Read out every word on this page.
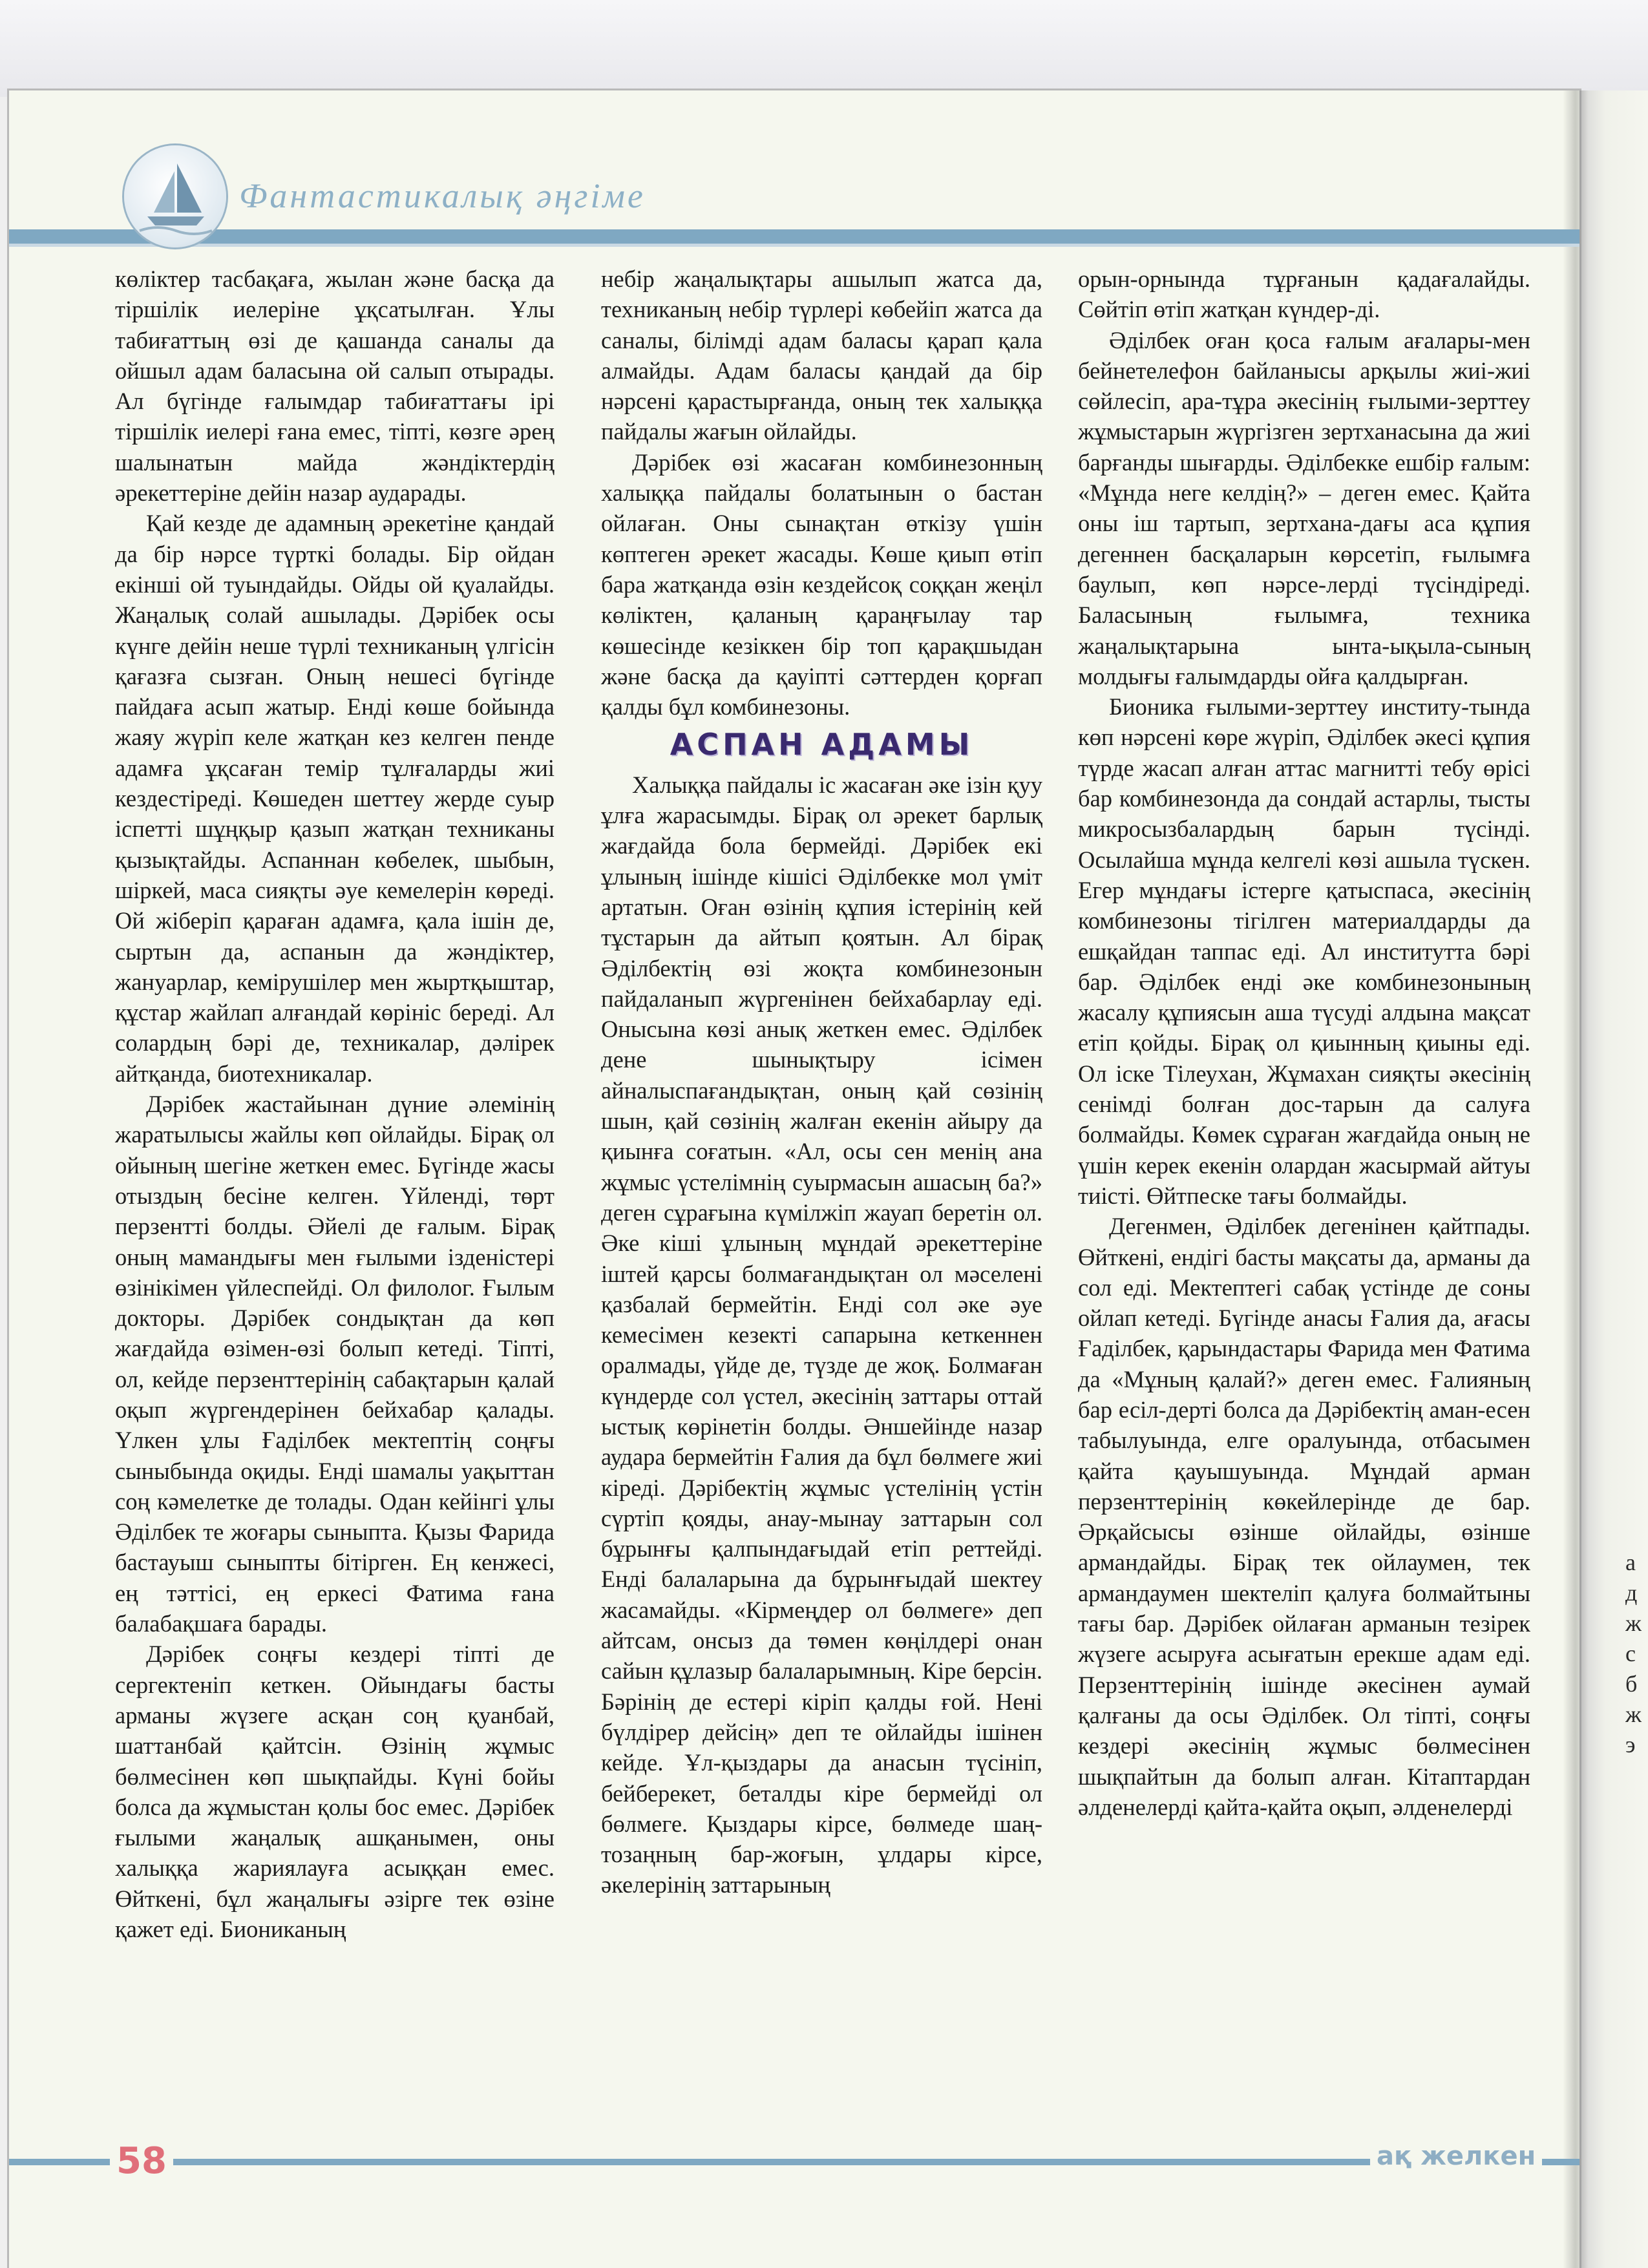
Фантастикалық әңгіме

көліктер тасбақаға, жылан және басқа да тіршілік иелеріне ұқсатылған. Ұлы табиғаттың өзі де қашанда саналы да ойшыл адам баласына ой салып отырады. Ал бүгінде ғалымдар табиғаттағы ірі тіршілік иелері ғана емес, тіпті, көзге әрең шалынатын майда жәндіктердің әрекеттеріне дейін назар аударады.

Қай кезде де адамның әрекетіне қандай да бір нәрсе түрткі болады. Бір ойдан екінші ой туындайды. Ойды ой қуалайды. Жаңалық солай ашылады. Дәрібек осы күнге дейін неше түрлі техниканың үлгісін қағазға сызған. Оның нешесі бүгінде пайдаға асып жатыр. Енді көше бойында жаяу жүріп келе жатқан кез келген пенде адамға ұқсаған темір тұлғаларды жиі кездестіреді. Көшеден шеттеу жерде суыр іспетті шұңқыр қазып жатқан техниканы қызықтайды. Аспаннан көбелек, шыбын, шіркей, маса сияқты әуе кемелерін көреді. Ой жіберіп қараған адамға, қала ішін де, сыртын да, аспанын да жәндіктер, жануарлар, кемірушілер мен жыртқыштар, құстар жайлап алғандай көрініс береді. Ал солардың бәрі де, техникалар, дәлірек айтқанда, биотехникалар.

Дәрібек жастайынан дүние әлемінің жаратылысы жайлы көп ойлайды. Бірақ ол ойының шегіне жеткен емес. Бүгінде жасы отыздың бесіне келген. Үйленді, төрт перзентті болды. Әйелі де ғалым. Бірақ оның мамандығы мен ғылыми ізденістері өзінікімен үйлеспейді. Ол филолог. Ғылым докторы. Дәрібек сондықтан да көп жағдайда өзімен-өзі болып кетеді. Тіпті, ол, кейде перзенттерінің сабақтарын қалай оқып жүргендерінен бейхабар қалады. Үлкен ұлы Ғаділбек мектептің соңғы сыныбында оқиды. Енді шамалы уақыттан соң кәмелетке де толады. Одан кейінгі ұлы Әділбек те жоғары сыныпта. Қызы Фарида бастауыш сыныпты бітірген. Ең кенжесі, ең тәттісі, ең еркесі Фатима ғана балабақшаға барады.

Дәрібек соңғы кездері тіпті де сергектеніп кеткен. Ойындағы басты арманы жүзеге асқан соң қуанбай, шаттанбай қайтсін. Өзінің жұмыс бөлмесінен көп шықпайды. Күні бойы болса да жұмыстан қолы бос емес. Дәрібек ғылыми жаңалық ашқанымен, оны халыққа жариялауға асыққан емес. Өйткені, бұл жаңалығы әзірге тек өзіне қажет еді. Биониканың

небір жаңалықтары ашылып жатса да, техниканың небір түрлері көбейіп жатса да саналы, білімді адам баласы қарап қала алмайды. Адам баласы қандай да бір нәрсені қарастырғанда, оның тек халыққа пайдалы жағын ойлайды.

Дәрібек өзі жасаған комбинезонның халыққа пайдалы болатынын о бастан ойлаған. Оны сынақтан өткізу үшін көптеген әрекет жасады. Көше қиып өтіп бара жатқанда өзін кездейсоқ соққан жеңіл көліктен, қаланың қараңғылау тар көшесінде кезіккен бір топ қарақшыдан және басқа да қауіпті сәттерден қорғап қалды бұл комбинезоны.

АСПАН АДАМЫ

Халыққа пайдалы іс жасаған әке ізін қуу ұлға жарасымды. Бірақ ол әрекет барлық жағдайда бола бермейді. Дәрібек екі ұлының ішінде кішісі Әділбекке мол үміт артатын. Оған өзінің құпия істерінің кей тұстарын да айтып қоятын. Ал бірақ Әділбектің өзі жоқта комбинезонын пайдаланып жүргенінен бейхабарлау еді. Онысына көзі анық жеткен емес. Әділбек дене шынықтыру ісімен айналыспағандықтан, оның қай сөзінің шын, қай сөзінің жалған екенін айыру да қиынға соғатын. «Ал, осы сен менің ана жұмыс үстелімнің суырмасын ашасың ба?» деген сұрағына күмілжіп жауап беретін ол. Әке кіші ұлының мұндай әрекеттеріне іштей қарсы болмағандықтан ол мәселені қазбалай бермейтін. Енді сол әке әуе кемесімен кезекті сапарына кеткеннен оралмады, үйде де, түзде де жоқ. Болмаған күндерде сол үстел, әкесінің заттары оттай ыстық көрінетін болды. Әншейінде назар аудара бермейтін Ғалия да бұл бөлмеге жиі кіреді. Дәрібектің жұмыс үстелінің үстін сүртіп қояды, анау-мынау заттарын сол бұрынғы қалпындағыдай етіп реттейді. Енді балаларына да бұрынғыдай шектеу жасамайды. «Кірмеңдер ол бөлмеге» деп айтсам, онсыз да төмен көңілдері онан сайын құлазыр балаларымның. Кіре берсін. Бәрінің де естері кіріп қалды ғой. Нені бүлдірер дейсің» деп те ойлайды ішінен кейде. Ұл-қыздары да анасын түсініп, бейберекет, беталды кіре бермейді ол бөлмеге. Қыздары кірсе, бөлмеде шаң-тозаңның бар-жоғын, ұлдары кірсе, әкелерінің заттарының

орын-орнында тұрғанын қадағалайды. Сөйтіп өтіп жатқан күндер-ді.

Әділбек оған қоса ғалым ағалары-мен бейнетелефон байланысы арқылы жиі-жиі сөйлесіп, ара-тұра әкесінің ғылыми-зерттеу жұмыстарын жүргізген зертханасына да жиі барғанды шығарды. Әділбекке ешбір ғалым: «Мұнда неге келдің?» – деген емес. Қайта оны іш тартып, зертхана-дағы аса құпия дегеннен басқаларын көрсетіп, ғылымға баулып, көп нәрсе-лерді түсіндіреді. Баласының ғылымға, техника жаңалықтарына ынта-ықыла-сының молдығы ғалымдарды ойға қалдырған.

Бионика ғылыми-зерттеу институ-тында көп нәрсені көре жүріп, Әділбек әкесі құпия түрде жасап алған аттас магнитті тебу өрісі бар комбинезонда да сондай астарлы, тысты микросызбалардың барын түсінді. Осылайша мұнда келгелі көзі ашыла түскен. Егер мұндағы істерге қатыспаса, әкесінің комбинезоны тігілген материалдарды да ешқайдан таппас еді. Ал институтта бәрі бар. Әділбек енді әке комбинезонының жасалу құпиясын аша түсуді алдына мақсат етіп қойды. Бірақ ол қиынның қиыны еді. Ол іске Тілеухан, Жұмахан сияқты әкесінің сенімді болған дос-тарын да салуға болмайды. Көмек сұраған жағдайда оның не үшін керек екенін олардан жасырмай айтуы тиісті. Өйтпеске тағы болмайды.

Дегенмен, Әділбек дегенінен қайтпады. Өйткені, ендігі басты мақсаты да, арманы да сол еді. Мектептегі сабақ үстінде де соны ойлап кетеді. Бүгінде анасы Ғалия да, ағасы Ғаділбек, қарындастары Фарида мен Фатима да «Мұның қалай?» деген емес. Ғалияның бар есіл-дерті болса да Дәрібектің аман-есен табылуында, елге оралуында, отбасымен қайта қауышуында. Мұндай арман перзенттерінің көкейлерінде де бар. Әрқайсысы өзінше ойлайды, өзінше армандайды. Бірақ тек ойлаумен, тек армандаумен шектеліп қалуға болмайтыны тағы бар. Дәрібек ойлаған арманын тезірек жүзеге асыруға асығатын ерекше адам еді. Перзенттерінің ішінде әкесінен аумай қалғаны да осы Әділбек. Ол тіпті, соңғы кездері әкесінің жұмыс бөлмесінен шықпайтын да болып алған. Кітаптардан әлденелерді қайта-қайта оқып, әлденелерді

а д ж с б ж э
58	ақ желкен
